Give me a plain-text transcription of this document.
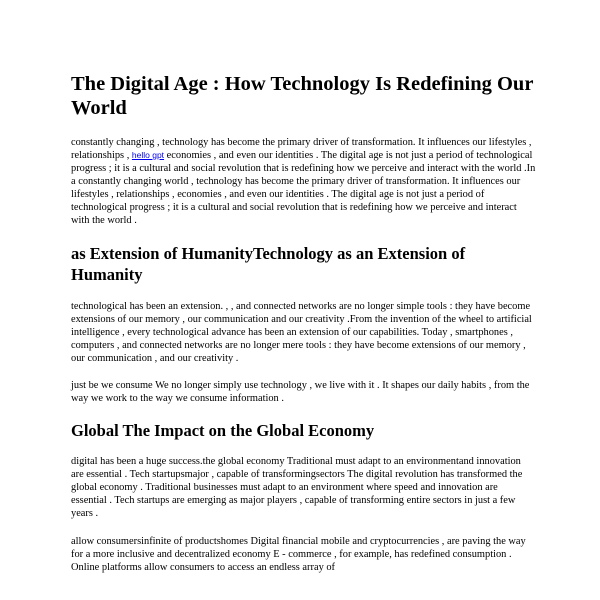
The Digital Age : How Technology Is Redefining Our World

constantly changing , technology has become the primary driver of transformation. It influences our lifestyles , relationships , hello gpt economies , and even our identities . The digital age is not just a period of technological progress ; it is a cultural and social revolution that is redefining how we perceive and interact with the world .In a constantly changing world , technology has become the primary driver of transformation. It influences our lifestyles , relationships , economies , and even our identities . The digital age is not just a period of technological progress ; it is a cultural and social revolution that is redefining how we perceive and interact with the world .

as Extension of HumanityTechnology as an Extension of Humanity

technological has been an extension. , , and connected networks are no longer simple tools : they have become extensions of our memory , our communication and our creativity .From the invention of the wheel to artificial intelligence , every technological advance has been an extension of our capabilities. Today , smartphones , computers , and connected networks are no longer mere tools : they have become extensions of our memory , our communication , and our creativity .

just be we consume We no longer simply use technology , we live with it . It shapes our daily habits , from the way we work to the way we consume information .

Global The Impact on the Global Economy

digital has been a huge success.the global economy Traditional must adapt to an environmentand innovation are essential . Tech startupsmajor , capable of transformingsectors The digital revolution has transformed the global economy . Traditional businesses must adapt to an environment where speed and innovation are essential . Tech startups are emerging as major players , capable of transforming entire sectors in just a few years .

allow consumersinfinite of productshomes Digital financial mobile and cryptocurrencies , are paving the way for a more inclusive and decentralized economy E - commerce , for example, has redefined consumption . Online platforms allow consumers to access an endless array of
